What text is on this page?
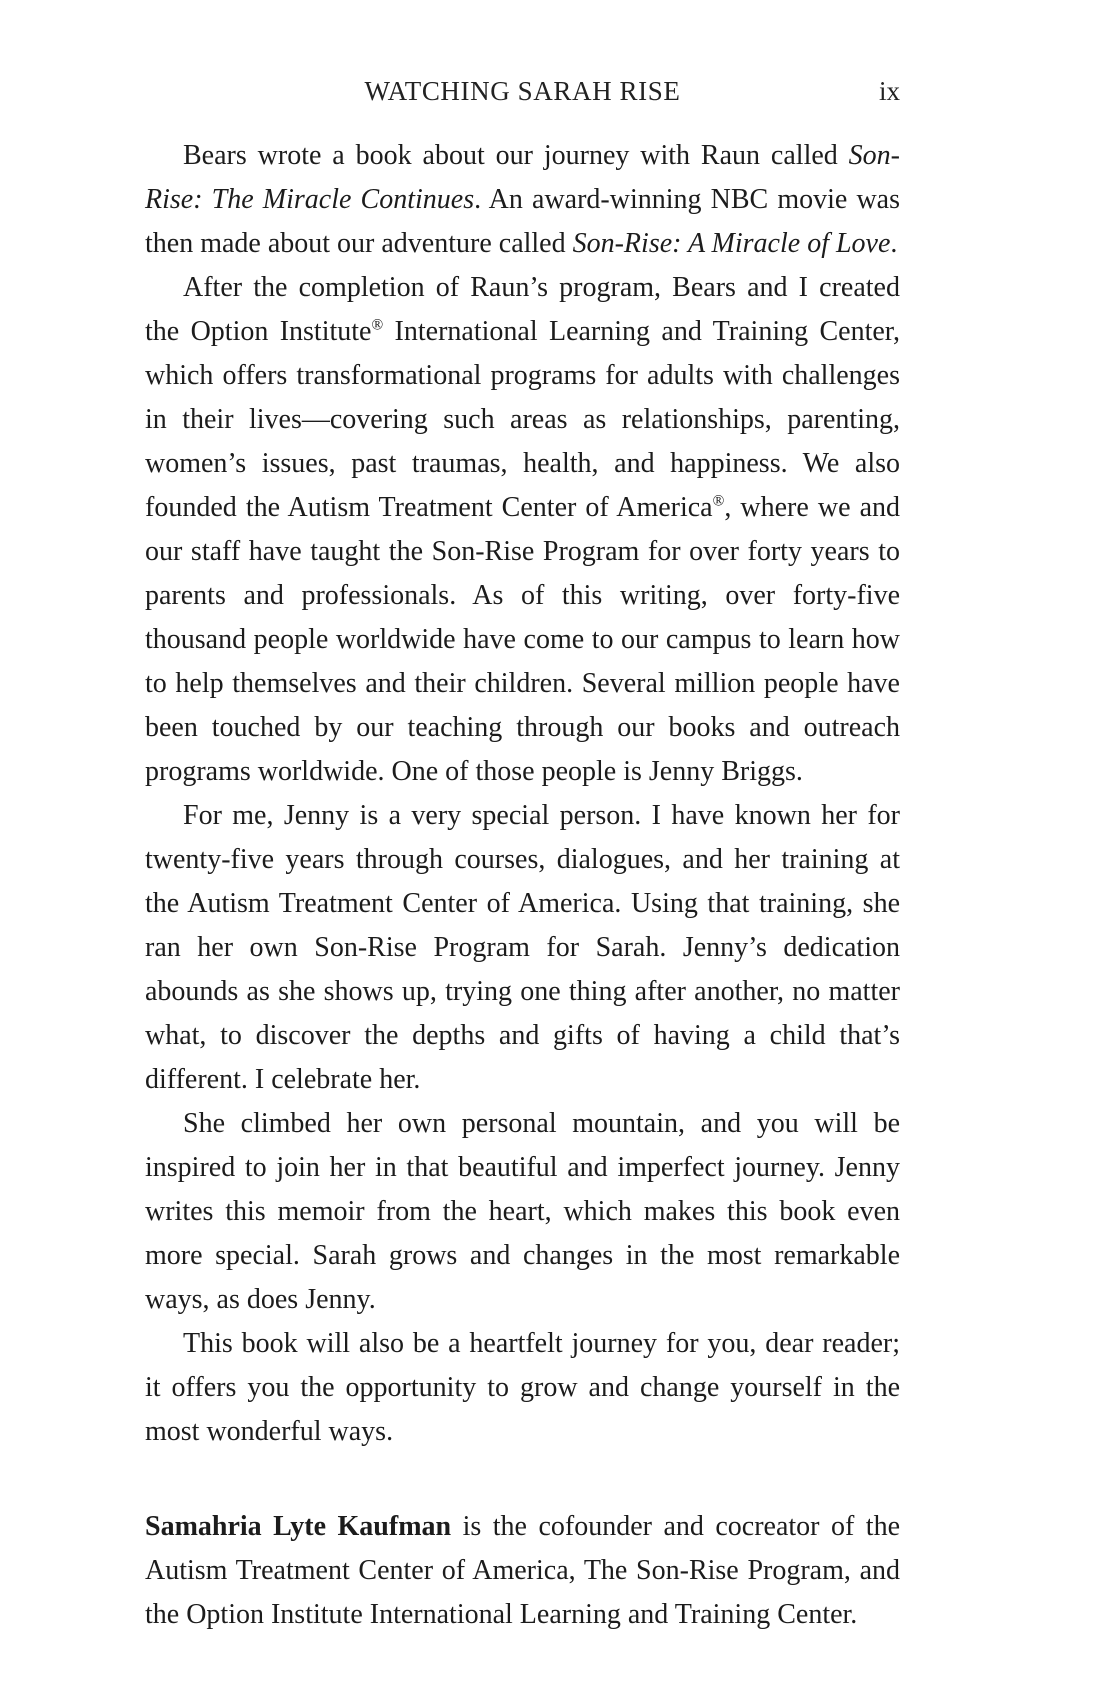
WATCHING SARAH RISE	ix

Bears wrote a book about our journey with Raun called Son-Rise: The Miracle Continues. An award-winning NBC movie was then made about our adventure called Son-Rise: A Miracle of Love.

After the completion of Raun’s program, Bears and I created the Option Institute® International Learning and Training Center, which offers transformational programs for adults with challenges in their lives—covering such areas as relationships, parenting, women’s issues, past traumas, health, and happiness. We also founded the Autism Treatment Center of America®, where we and our staff have taught the Son-Rise Program for over forty years to parents and professionals. As of this writing, over forty-five thousand people worldwide have come to our campus to learn how to help themselves and their children. Several million people have been touched by our teaching through our books and outreach programs worldwide. One of those people is Jenny Briggs.

For me, Jenny is a very special person. I have known her for twenty-five years through courses, dialogues, and her training at the Autism Treatment Center of America. Using that training, she ran her own Son-Rise Program for Sarah. Jenny’s dedication abounds as she shows up, trying one thing after another, no matter what, to discover the depths and gifts of having a child that’s different. I celebrate her.

She climbed her own personal mountain, and you will be inspired to join her in that beautiful and imperfect journey. Jenny writes this memoir from the heart, which makes this book even more special. Sarah grows and changes in the most remarkable ways, as does Jenny.

This book will also be a heartfelt journey for you, dear reader; it offers you the opportunity to grow and change yourself in the most wonderful ways.

Samahria Lyte Kaufman is the cofounder and cocreator of the Autism Treatment Center of America, The Son-Rise Program, and the Option Institute International Learning and Training Center.
